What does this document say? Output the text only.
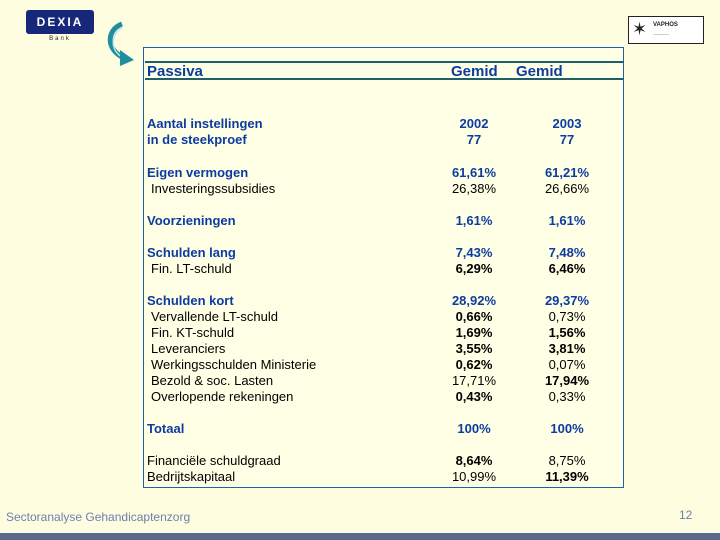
DEXIA
Bank	✶ VAPHOS
————
Passiva	Gemid Gemid
Aantal instellingen	2002	2003
in de steekproef	77	77
Eigen vermogen	61,61%	61,21%
Investeringssubsidies	26,38%	26,66%
Voorzieningen	1,61%	1,61%
Schulden lang	7,43%	7,48%
Fin. LT-schuld	6,29%	6,46%
Schulden kort	28,92%	29,37%
Vervallende LT-schuld	0,66%	0,73%
Fin. KT-schuld	1,69%	1,56%
Leveranciers	3,55%	3,81%
Werkingsschulden Ministerie	0,62%	0,07%
Bezold & soc. Lasten	17,71%	17,94%
Overlopende rekeningen	0,43%	0,33%
Totaal	100%	100%
Financiële schuldgraad	8,64%	8,75%
Bedrijtskapitaal	10,99%	11,39%
Sectoranalyse Gehandicaptenzorg	12
